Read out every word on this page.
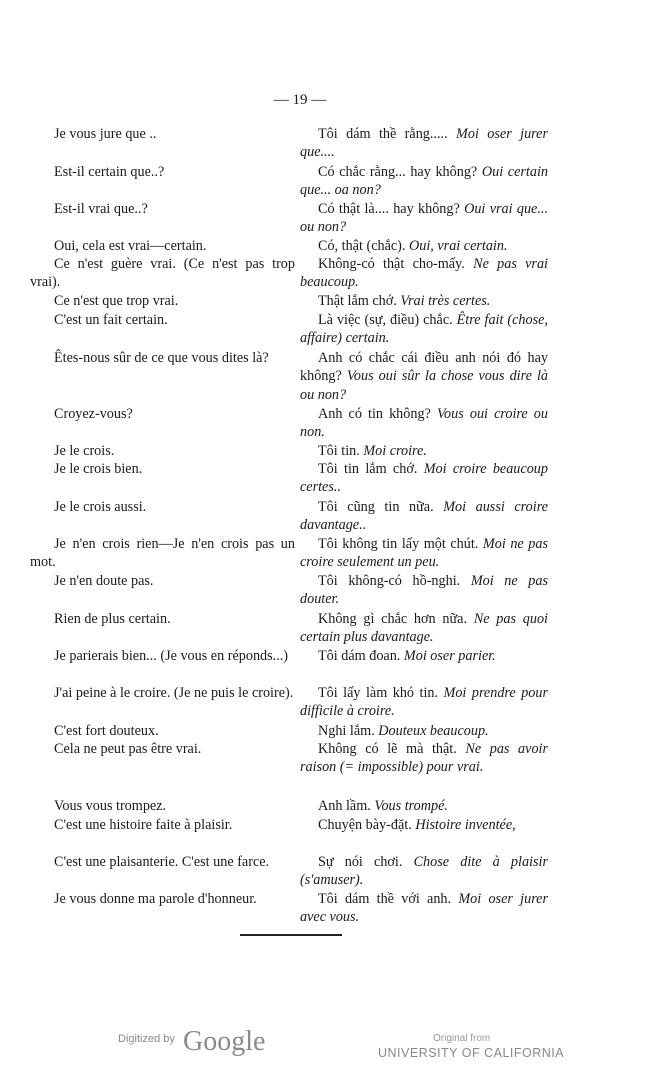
— 19 —
Je vous jure que ..
Est-il certain que..?
Est-il vrai que..?
Oui, cela est vrai—certain.
Ce n'est guère vrai. (Ce n'est pas trop vrai).
Ce n'est que trop vrai.
C'est un fait certain.
Êtes-nous sûr de ce que vous dites là?
Croyez-vous?
Je le crois.
Je le crois bien.
Je le crois aussi.
Je n'en crois rien—Je n'en crois pas un mot.
Je n'en doute pas.
Rien de plus certain.
Je parierais bien... (Je vous en réponds...)
J'ai peine à le croire. (Je ne puis le croire).
C'est fort douteux.
Cela ne peut pas être vrai.
Vous vous trompez.
C'est une histoire faite à plaisir.
C'est une plaisanterie. C'est une farce.
Je vous donne ma parole d'honneur.
Tôi dám thề rằng..... Moi oser jurer que....
Có chắc rằng... hay không? Oui certain que... oa non?
Có thật là.... hay không? Oui vrai que... ou non?
Có, thật (chắc). Oui, vrai certain.
Không-có thật cho-mấy. Ne pas vrai beaucoup.
Thật lắm chớ. Vrai très certes.
Là việc (sự, điều) chắc. Être fait (chose, affaire) certain.
Anh có chắc cái điều anh nói đó hay không? Vous oui sûr la chose vous dire là ou non?
Anh có tin không? Vous oui croire ou non.
Tôi tin. Moi croire.
Tôi tin lắm chớ. Moi croire beaucoup certes..
Tôi cũng tin nữa. Moi aussi croire davantage..
Tôi không tin lấy một chút. Moi ne pas croire seulement un peu.
Tôi không-có hồ-nghi. Moi ne pas douter.
Không gì chắc hơn nữa. Ne pas quoi certain plus davantage.
Tôi dám đoan. Moi oser parier.
Tôi lấy làm khó tin. Moi prendre pour difficile à croire.
Nghi lắm. Douteux beaucoup.
Không có lẽ mà thật. Ne pas avoir raison (= impossible) pour vrai.
Anh lầm. Vous trompé.
Chuyện bày-đặt. Histoire inventée,
Sự nói chơi. Chose dite à plaisir (s'amuser).
Tôi dám thề với anh. Moi oser jurer avec vous.
Digitized by Google	Original from
UNIVERSITY OF CALIFORNIA
